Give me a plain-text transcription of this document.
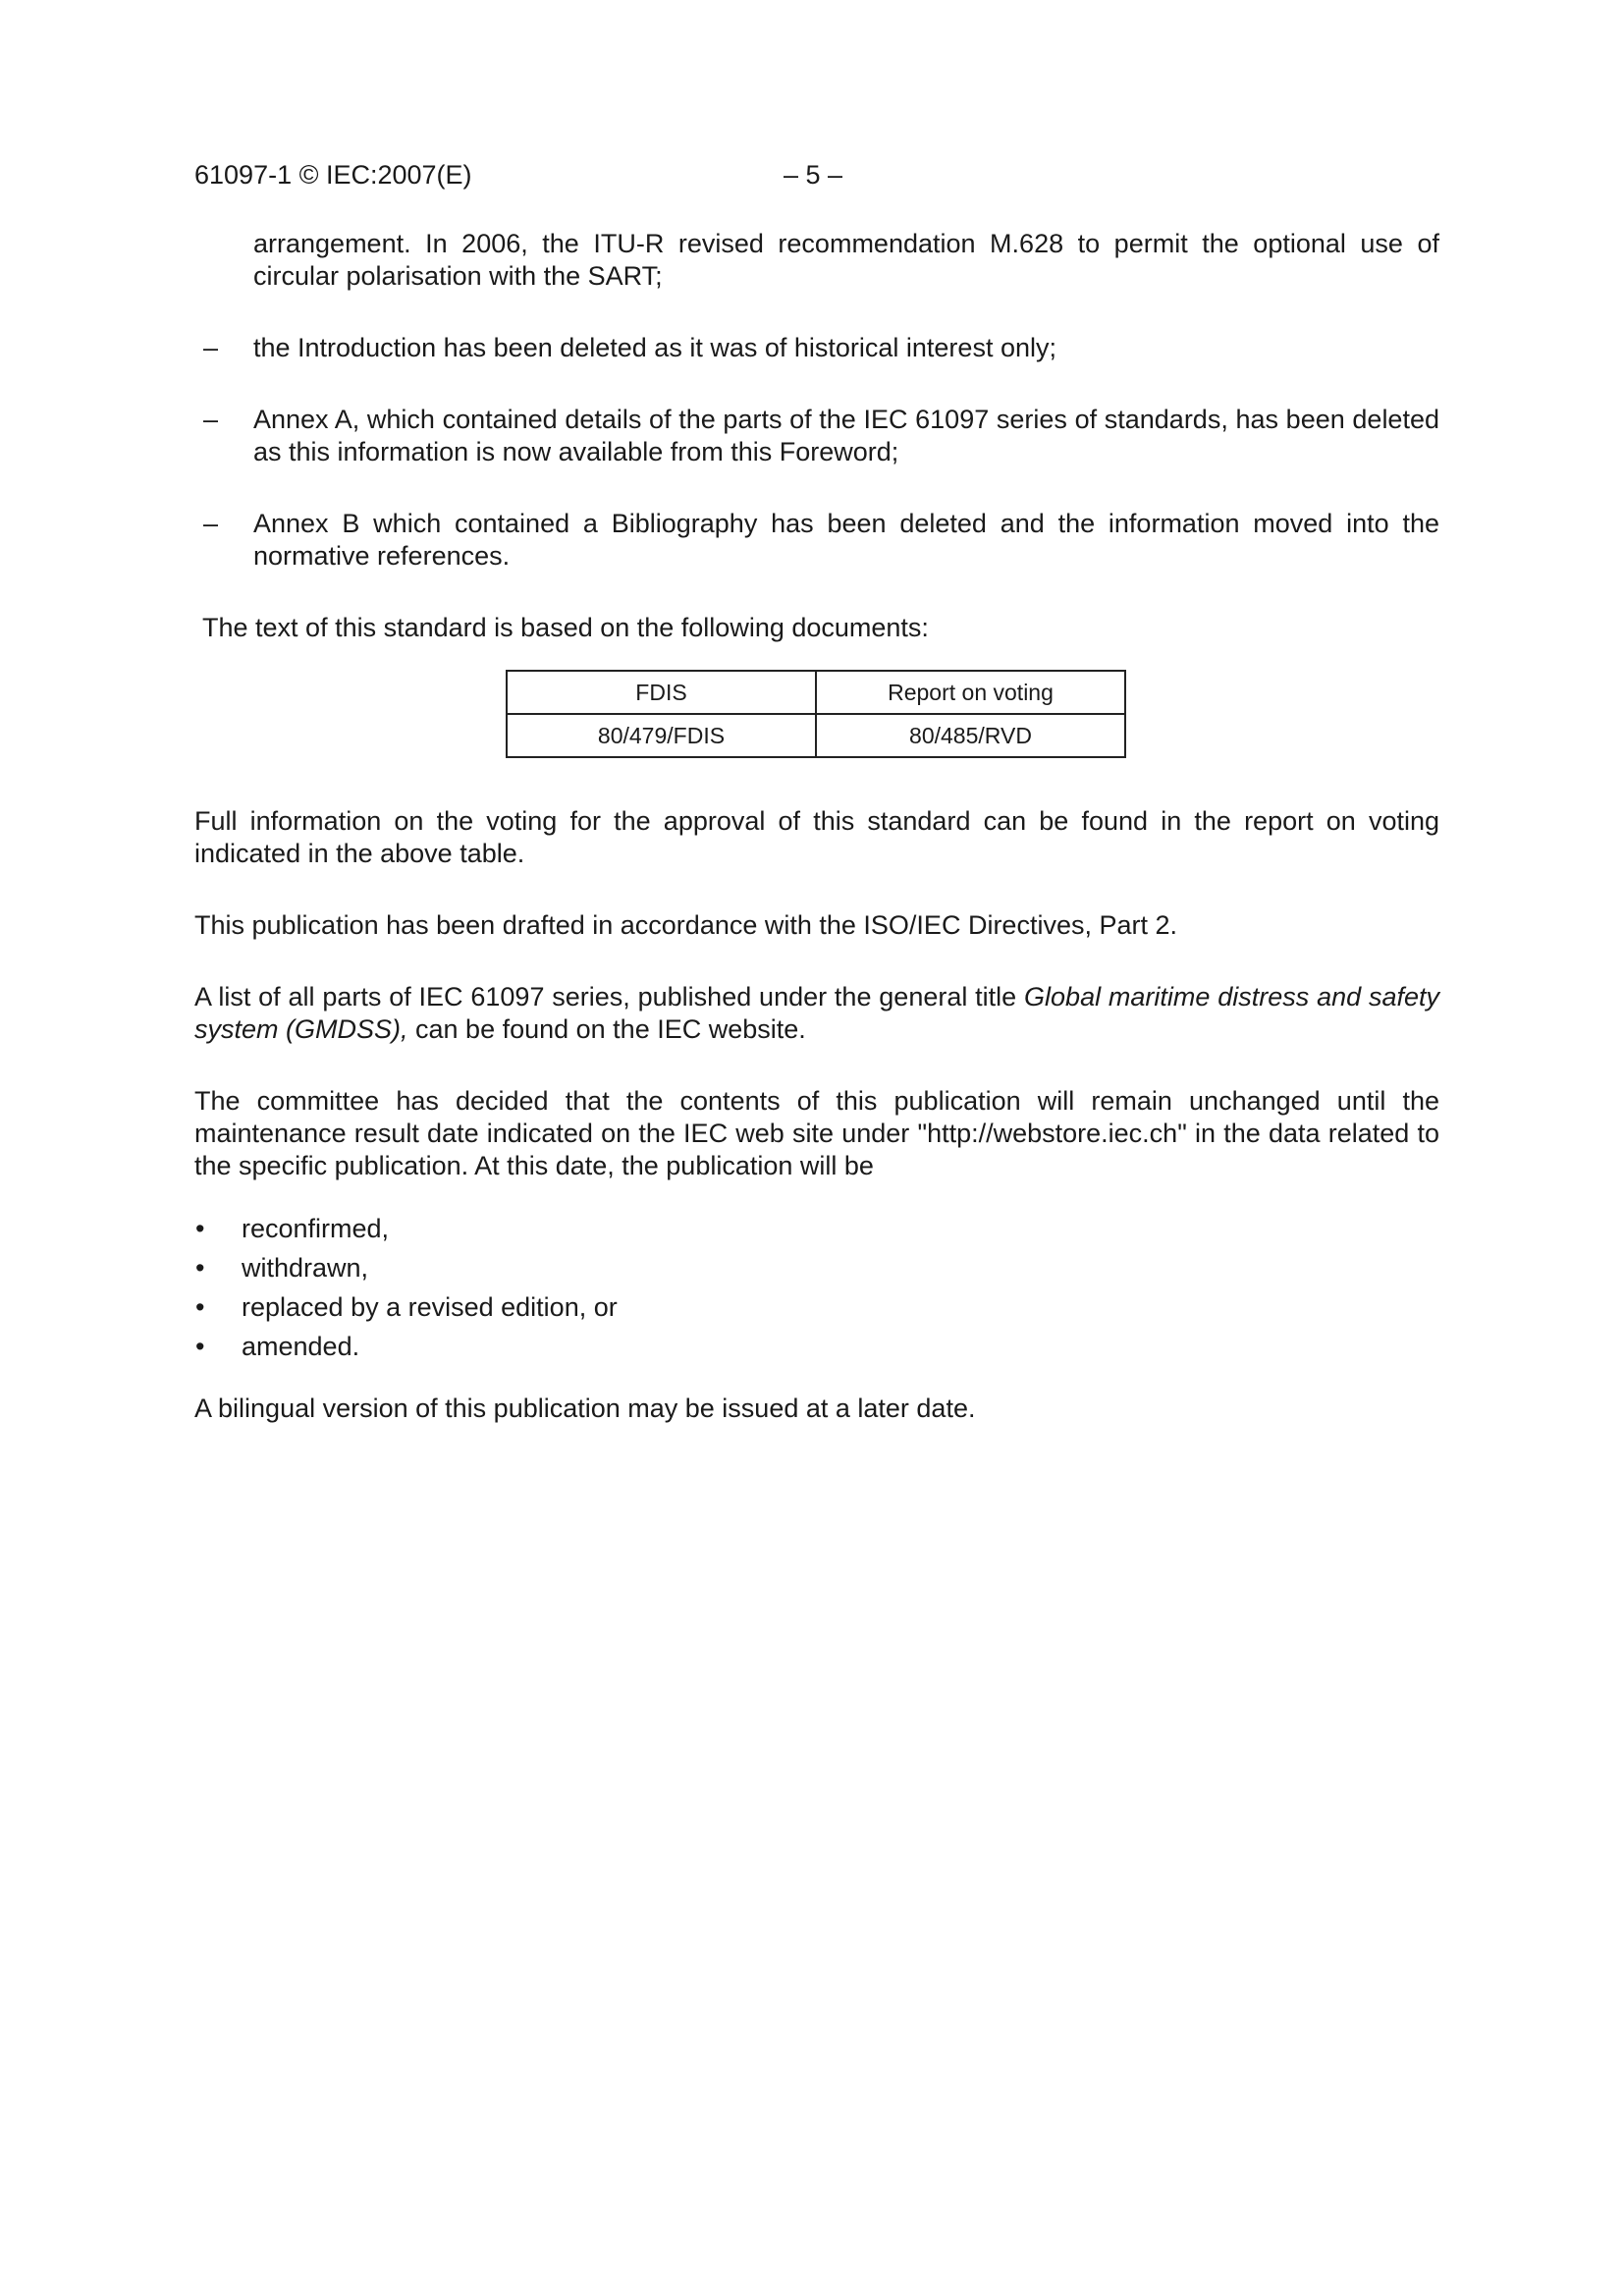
61097-1 © IEC:2007(E)	– 5 –

arrangement. In 2006, the ITU-R revised recommendation M.628 to permit the optional use of circular polarisation with the SART;

– the Introduction has been deleted as it was of historical interest only;

– Annex A, which contained details of the parts of the IEC 61097 series of standards, has been deleted as this information is now available from this Foreword;

– Annex B which contained a Bibliography has been deleted and the information moved into the normative references.

The text of this standard is based on the following documents:

FDIS	Report on voting
80/479/FDIS	80/485/RVD

Full information on the voting for the approval of this standard can be found in the report on voting indicated in the above table.

This publication has been drafted in accordance with the ISO/IEC Directives, Part 2.

A list of all parts of IEC 61097 series, published under the general title Global maritime distress and safety system (GMDSS), can be found on the IEC website.

The committee has decided that the contents of this publication will remain unchanged until the maintenance result date indicated on the IEC web site under "http://webstore.iec.ch" in the data related to the specific publication. At this date, the publication will be

• reconfirmed,
• withdrawn,
• replaced by a revised edition, or
• amended.

A bilingual version of this publication may be issued at a later date.
